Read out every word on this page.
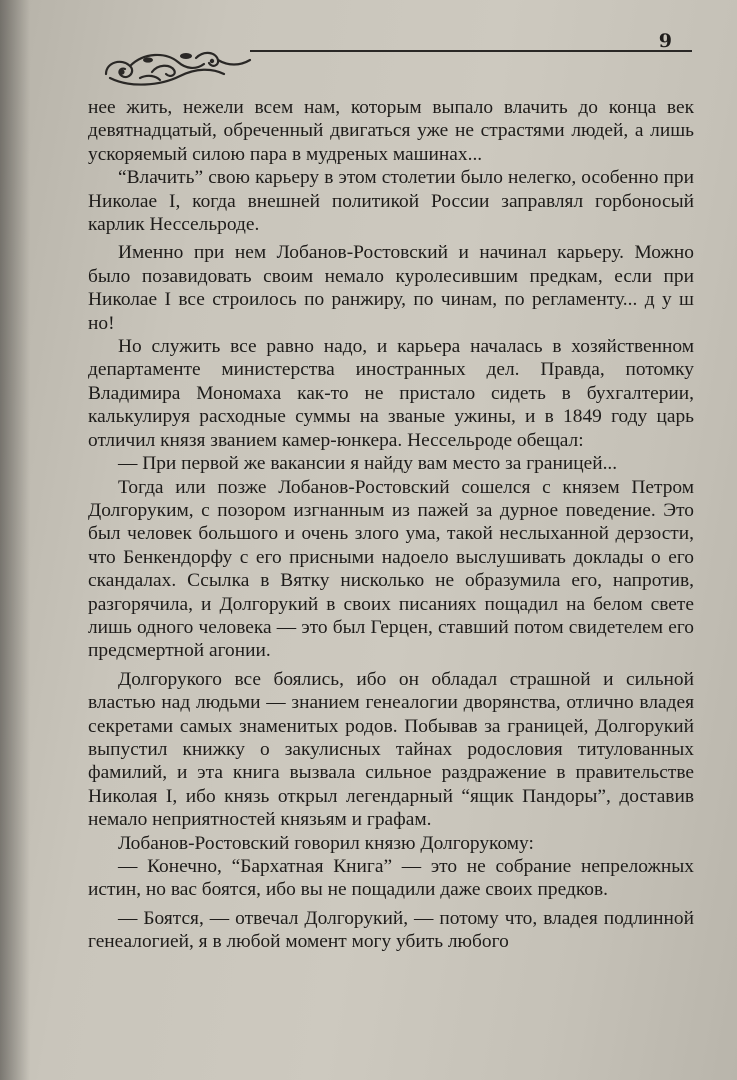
9

нее жить, нежели всем нам, которым выпало влачить до конца век девятнадцатый, обреченный двигаться уже не страстями людей, а лишь ускоряемый силою пара в мудреных машинах...

“Влачить” свою карьеру в этом столетии было нелегко, особенно при Николае I, когда внешней политикой России заправлял горбоносый карлик Нессельроде.

Именно при нем Лобанов-Ростовский и начинал карьеру. Можно было позавидовать своим немало куролесившим предкам, если при Николае I все строилось по ранжиру, по чинам, по регламенту... д у ш но!

Но служить все равно надо, и карьера началась в хозяйственном департаменте министерства иностранных дел. Правда, потомку Владимира Мономаха как-то не пристало сидеть в бухгалтерии, калькулируя расходные суммы на званые ужины, и в 1849 году царь отличил князя званием камер-юнкера. Нессельроде обещал:

— При первой же вакансии я найду вам место за границей...

Тогда или позже Лобанов-Ростовский сошелся с князем Петром Долгоруким, с позором изгнанным из пажей за дурное поведение. Это был человек большого и очень злого ума, такой неслыханной дерзости, что Бенкендорфу с его присными надоело выслушивать доклады о его скандалах. Ссылка в Вятку нисколько не образумила его, напротив, разгорячила, и Долгорукий в своих писаниях пощадил на белом свете лишь одного человека — это был Герцен, ставший потом свидетелем его предсмертной агонии.

Долгорукого все боялись, ибо он обладал страшной и сильной властью над людьми — знанием генеалогии дворянства, отлично владея секретами самых знаменитых родов. Побывав за границей, Долгорукий выпустил книжку о закулисных тайнах родословия титулованных фамилий, и эта книга вызвала сильное раздражение в правительстве Николая I, ибо князь открыл легендарный “ящик Пандоры”, доставив немало неприятностей князьям и графам.

Лобанов-Ростовский говорил князю Долгорукому:

— Конечно, “Бархатная Книга” — это не собрание непреложных истин, но вас боятся, ибо вы не пощадили даже своих предков.

— Боятся, — отвечал Долгорукий, — потому что, владея подлинной генеалогией, я в любой момент могу убить любого
